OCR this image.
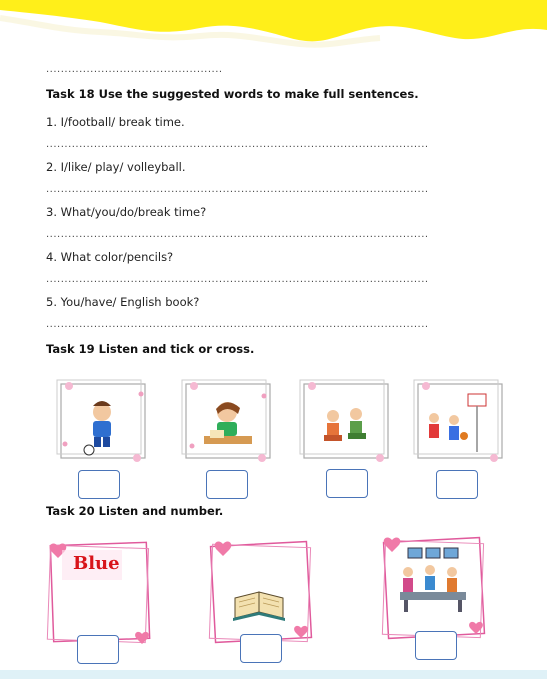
................................................
Task 18 Use the suggested words to make full sentences.
1. I/football/ break time.
........................................................................................................
2. I/like/ play/ volleyball.
........................................................................................................
3. What/you/do/break time?
........................................................................................................
4. What color/pencils?
........................................................................................................
5. You/have/ English book?
........................................................................................................
Task 19 Listen and tick or cross.
Task 20 Listen and number.
Blue
